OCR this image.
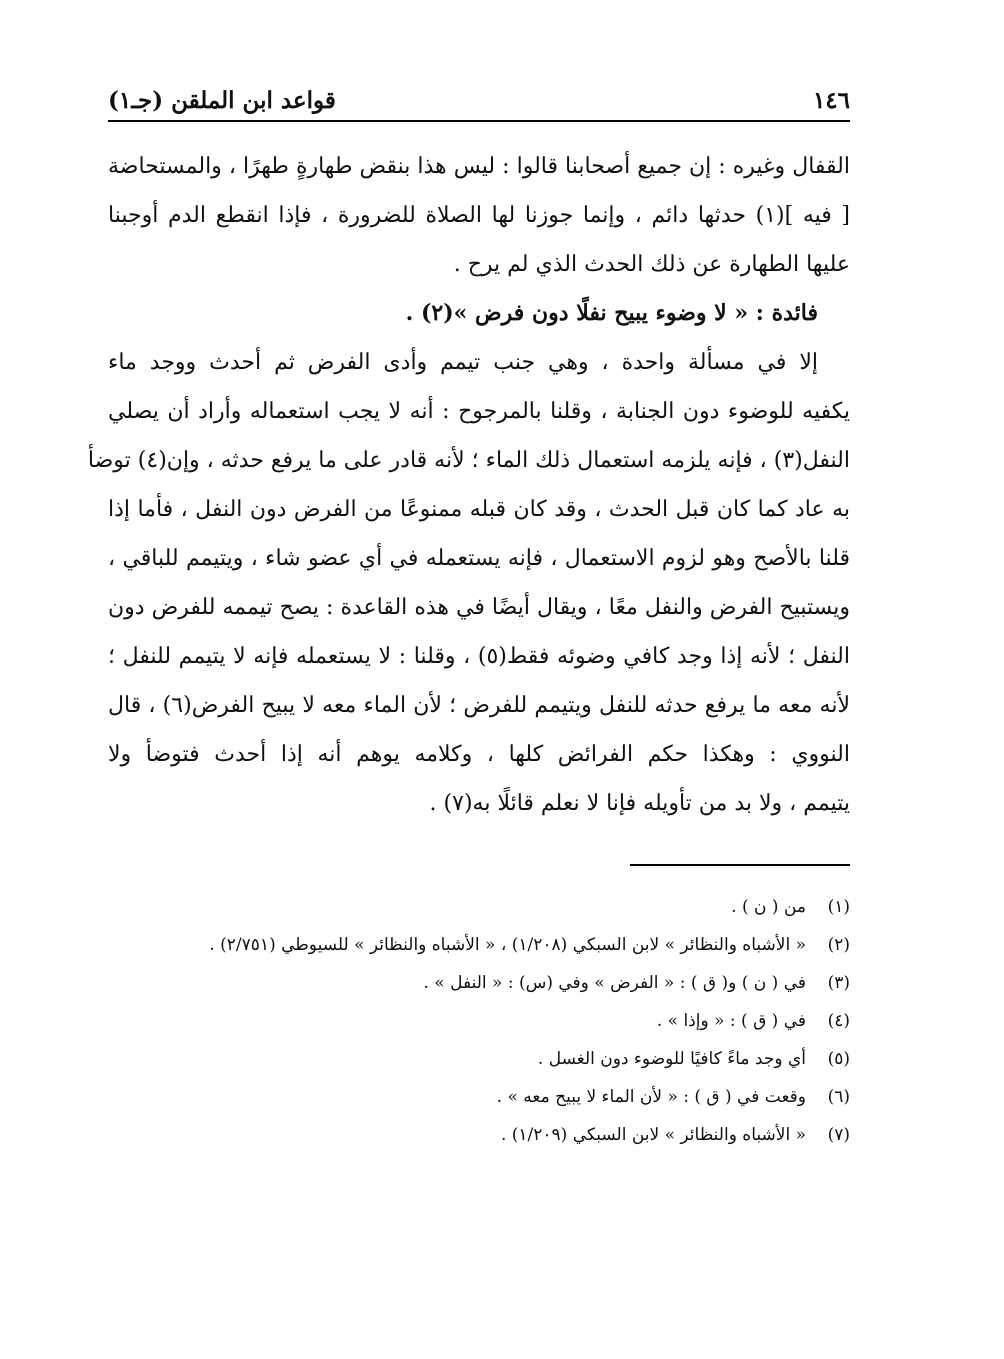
١٤٦
قواعد ابن الملقن (جـ١)
القفال وغيره : إن جميع أصحابنا قالوا : ليس هذا بنقض طهارةٍ طهرًا ، والمستحاضة
[ فيه ](١) حدثها دائم ، وإنما جوزنا لها الصلاة للضرورة ، فإذا انقطع الدم أوجبنا
عليها الطهارة عن ذلك الحدث الذي لم يرح .
فائدة : « لا وضوء يبيح نفلًا دون فرض »(٢) .
إلا في مسألة واحدة ، وهي جنب تيمم وأدى الفرض ثم أحدث ووجد ماء
يكفيه للوضوء دون الجنابة ، وقلنا بالمرجوح : أنه لا يجب استعماله وأراد أن يصلي
النفل(٣) ، فإنه يلزمه استعمال ذلك الماء ؛ لأنه قادر على ما يرفع حدثه ، وإن(٤) توضأ
به عاد كما كان قبل الحدث ، وقد كان قبله ممنوعًا من الفرض دون النفل ، فأما إذا
قلنا بالأصح وهو لزوم الاستعمال ، فإنه يستعمله في أي عضو شاء ، ويتيمم للباقي ،
ويستبيح الفرض والنفل معًا ، ويقال أيضًا في هذه القاعدة : يصح تيممه للفرض دون
النفل ؛ لأنه إذا وجد كافي وضوئه فقط(٥) ، وقلنا : لا يستعمله فإنه لا يتيمم للنفل ؛
لأنه معه ما يرفع حدثه للنفل ويتيمم للفرض ؛ لأن الماء معه لا يبيح الفرض(٦) ، قال
النووي : وهكذا حكم الفرائض كلها ، وكلامه يوهم أنه إذا أحدث فتوضأ ولا
يتيمم ، ولا بد من تأويله فإنا لا نعلم قائلًا به(٧) .
(١)
من ( ن ) .
(٢)
« الأشباه والنظائر » لابن السبكي (١/٢٠٨) ، « الأشباه والنظائر » للسيوطي (٢/٧٥١) .
(٣)
في ( ن ) و( ق ) : « الفرض » وفي (س) : « النفل » .
(٤)
في ( ق ) : « وإذا » .
(٥)
أي وجد ماءً كافيًا للوضوء دون الغسل .
(٦)
وقعت في ( ق ) : « لأن الماء لا يبيح معه » .
(٧)
« الأشباه والنظائر » لابن السبكي (١/٢٠٩) .
